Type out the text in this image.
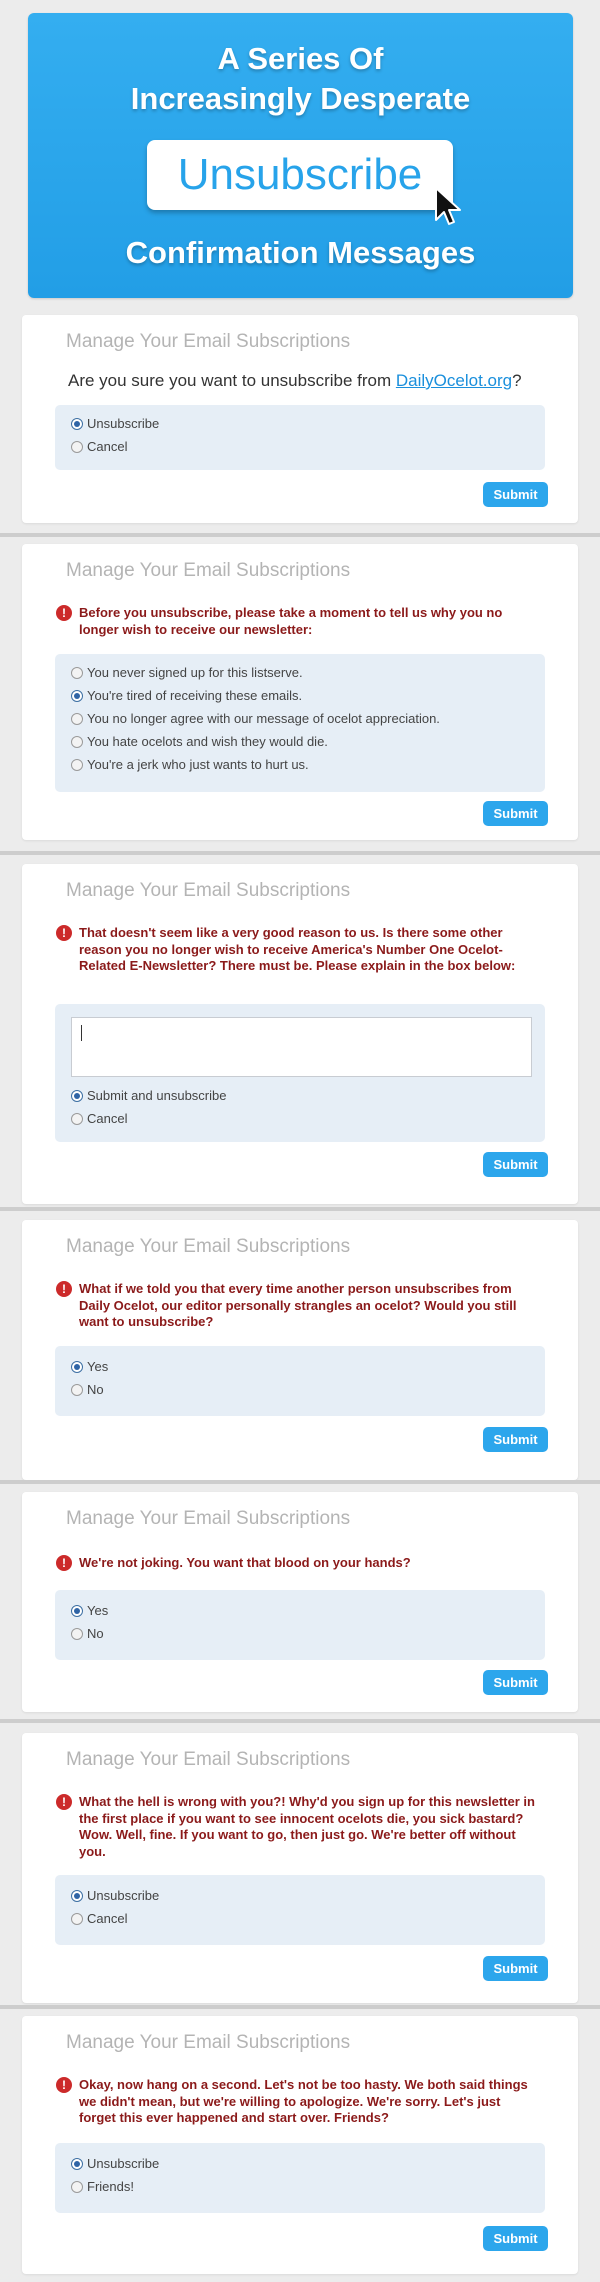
A Series Of
Increasingly Desperate
Unsubscribe
Confirmation Messages
Manage Your Email Subscriptions
Are you sure you want to unsubscribe from DailyOcelot.org?
Unsubscribe
Cancel
Submit
Manage Your Email Subscriptions
!	Before you unsubscribe, please take a moment to tell us why you no longer wish to receive our newsletter:
You never signed up for this listserve.
You're tired of receiving these emails.
You no longer agree with our message of ocelot appreciation.
You hate ocelots and wish they would die.
You're a jerk who just wants to hurt us.
Submit
Manage Your Email Subscriptions
!	That doesn't seem like a very good reason to us. Is there some other reason you no longer wish to receive America's Number One Ocelot-Related E-Newsletter? There must be. Please explain in the box below:
Submit and unsubscribe
Cancel
Submit
Manage Your Email Subscriptions
!	What if we told you that every time another person unsubscribes from Daily Ocelot, our editor personally strangles an ocelot? Would you still want to unsubscribe?
Yes
No
Submit
Manage Your Email Subscriptions
!	We're not joking. You want that blood on your hands?
Yes
No
Submit
Manage Your Email Subscriptions
!	What the hell is wrong with you?! Why'd you sign up for this newsletter in the first place if you want to see innocent ocelots die, you sick bastard? Wow. Well, fine. If you want to go, then just go. We're better off without you.
Unsubscribe
Cancel
Submit
Manage Your Email Subscriptions
!	Okay, now hang on a second. Let's not be too hasty. We both said things we didn't mean, but we're willing to apologize. We're sorry. Let's just forget this ever happened and start over. Friends?
Unsubscribe
Friends!
Submit
